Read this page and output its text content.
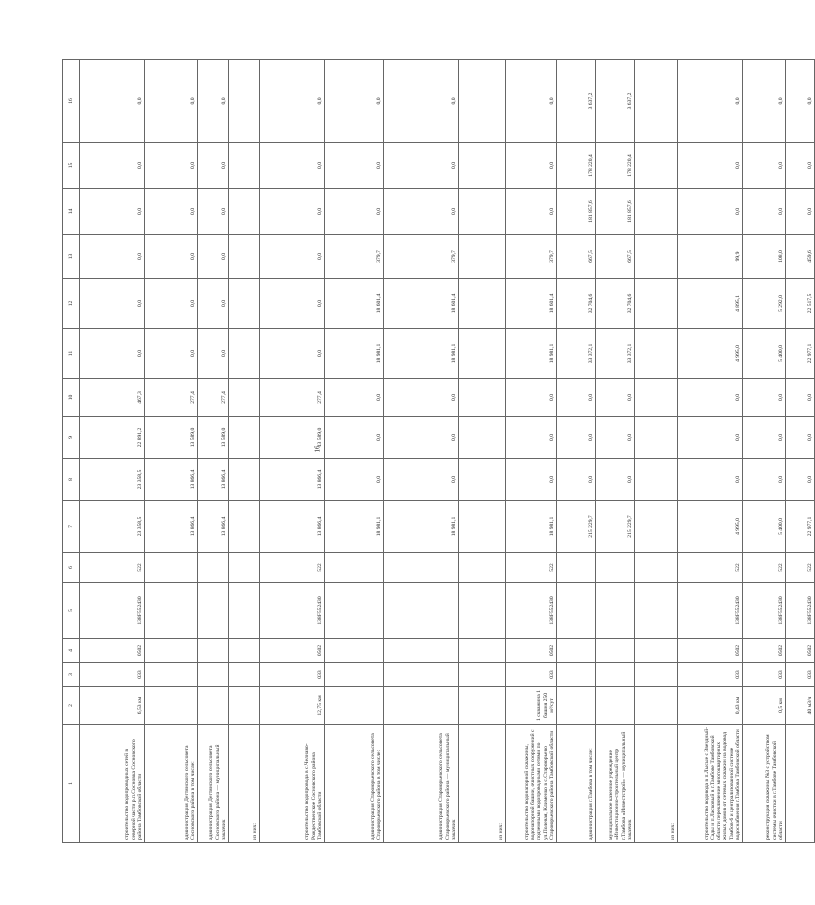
16
1	2	3	4	5	6	7	8	9	10	11	12	13	14	15	16
строительство водопроводных сетей в северной части р.п.Сосновка Сосновского района Тамбовской области	6,53 км	033	0502	138F552430	522	23 358,5	23 358,5	22 891,2	467,3	0,0	0,0	0,0	0,0	0,0	0,0
администрация Дегтянского сельсовета Сосновского района в том числе:						13 866,4	13 866,4	13 589,0	277,4	0,0	0,0	0,0	0,0	0,0	0,0
администрация Дегтянского сельсовета Сосновского района — муниципальный заказчик						13 866,4	13 866,4	13 589,0	277,4	0,0	0,0	0,0	0,0	0,0	0,0
из них:															
строительство водопровода в с.Челнаво-Рождественское Сосновского района Тамбовской области	12,75 км	033	0502	138F552430	522	13 866,4	13 866,4	13 589,0	277,4	0,0	0,0	0,0	0,0	0,0	0,0
администрация Староюрьевского сельсовета Староюрьевского района в том числе:						18 981,1	0,0	0,0	0,0	18 981,1	18 601,4	379,7	0,0	0,0	0,0
администрация Староюрьевского сельсовета Староюрьевского района — муниципальный заказчик						18 981,1	0,0	0,0	0,0	18 981,1	18 601,4	379,7	0,0	0,0	0,0
из них:															
строительство водонапорной скважины, водонапорной башни, очистных сооружений с подземными водопроводными сетями по ул.Полевая, Клименко в с.Староюрьево Староюрьевского района Тамбовской области	1 скважина 1 башня 250 м³/сут	033	0502	138F552430	522	18 981,1	0,0	0,0	0,0	18 981,1	18 601,4	379,7	0,0	0,0	0,0
администрация г.Тамбова в том числе:						215 229,7	0,0	0,0	0,0	33 372,1	32 704,6	667,5	181 857,6	178 220,4	3 637,2
муниципальное казенное учреждение «Инвестиционно-строительный центр г.Тамбова «Инвестстрой» — муниципальный заказчик						215 229,7	0,0	0,0	0,0	33 372,1	32 704,6	667,5	181 857,6	178 220,4	3 637,2
из них:															
строительство водовода в п.Лысые с Звездный-Сады и п.Ласковый в г.Тамбове Тамбовской области переключение многоквартирных жилых домов от сетевых скважин на водовод Тамбов-6 и централизованной системе водоснабжения г.Тамбова Тамбовской области	0,43 км	033	0502	138F552430	522	4 995,0	0,0	0,0	0,0	4 995,0	4 895,1	99,9	0,0	0,0	0,0
реконструкция скважины №3 с устройством системы очистки в г.Тамбове Тамбовской области	0,5 км	033	0502	138F552430	522	5 400,0	0,0	0,0	0,0	5 400,0	5 292,0	108,0	0,0	0,0	0,0
	40 м3/ч	033	0502	138F552430	522	22 977,1	0,0	0,0	0,0	22 977,1	22 517,5	459,6	0,0	0,0	0,0
